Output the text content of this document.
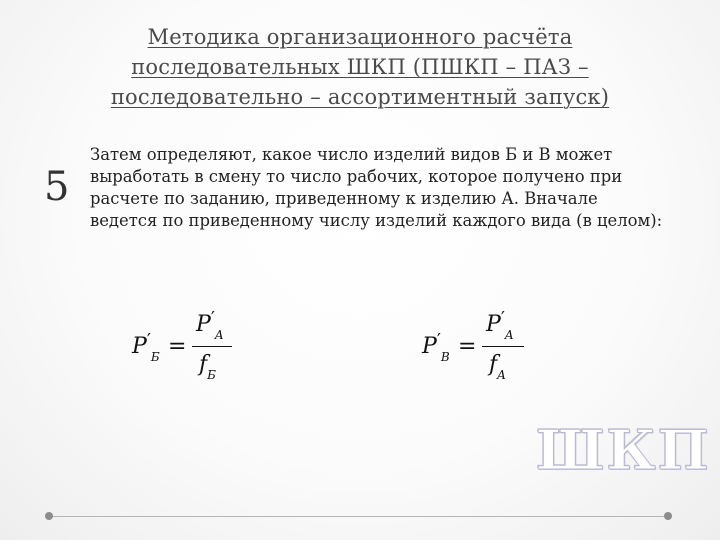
Методика организационного расчёта
последовательных ШКП (ПШКП – ПАЗ –
последовательно – ассортиментный запуск)
5
Затем определяют, какое число изделий видов Б и В может выработать в смену то число рабочих, которое получено при расчете по заданию, приведенному к изделию А. Вначале ведется по приведенному числу изделий каждого вида (в целом):
$P'_Б$ =
$P'_A$
$f_Б$
$P'_В$ =
$P'_A$
$f_A$
ШКП
